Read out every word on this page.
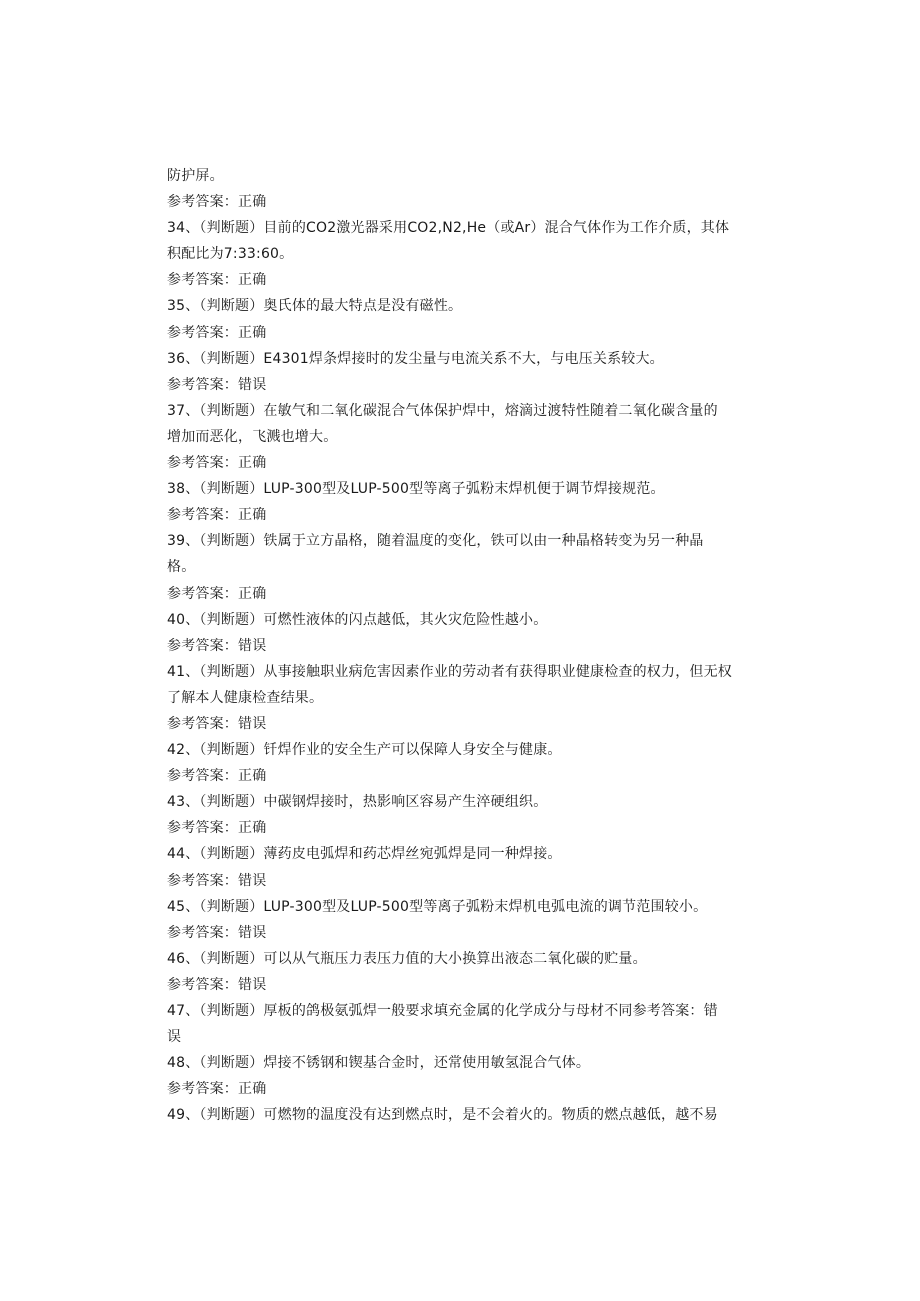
防护屏。
参考答案：正确
34、（判断题）目前的CO2激光器采用CO2,N2,He（或Ar）混合气体作为工作介质，其体
积配比为7:33:60。
参考答案：正确
35、（判断题）奥氏体的最大特点是没有磁性。
参考答案：正确
36、（判断题）E4301焊条焊接时的发尘量与电流关系不大，与电压关系较大。
参考答案：错误
37、（判断题）在敏气和二氧化碳混合气体保护焊中，熔滴过渡特性随着二氧化碳含量的
增加而恶化，飞溅也增大。
参考答案：正确
38、（判断题）LUP-300型及LUP-500型等离子弧粉末焊机便于调节焊接规范。
参考答案：正确
39、（判断题）铁属于立方晶格，随着温度的变化，铁可以由一种晶格转变为另一种晶
格。
参考答案：正确
40、（判断题）可燃性液体的闪点越低，其火灾危险性越小。
参考答案：错误
41、（判断题）从事接触职业病危害因素作业的劳动者有获得职业健康检查的权力，但无权
了解本人健康检查结果。
参考答案：错误
42、（判断题）钎焊作业的安全生产可以保障人身安全与健康。
参考答案：正确
43、（判断题）中碳钢焊接时，热影响区容易产生淬硬组织。
参考答案：正确
44、（判断题）薄药皮电弧焊和药芯焊丝宛弧焊是同一种焊接。
参考答案：错误
45、（判断题）LUP-300型及LUP-500型等离子弧粉末焊机电弧电流的调节范围较小。
参考答案：错误
46、（判断题）可以从气瓶压力表压力值的大小换算出液态二氧化碳的贮量。
参考答案：错误
47、（判断题）厚板的鸽极氨弧焊一般要求填充金属的化学成分与母材不同参考答案：错
误
48、（判断题）焊接不锈钢和锲基合金时，还常使用敏氢混合气体。
参考答案：正确
49、（判断题）可燃物的温度没有达到燃点时，是不会着火的。物质的燃点越低，越不易
